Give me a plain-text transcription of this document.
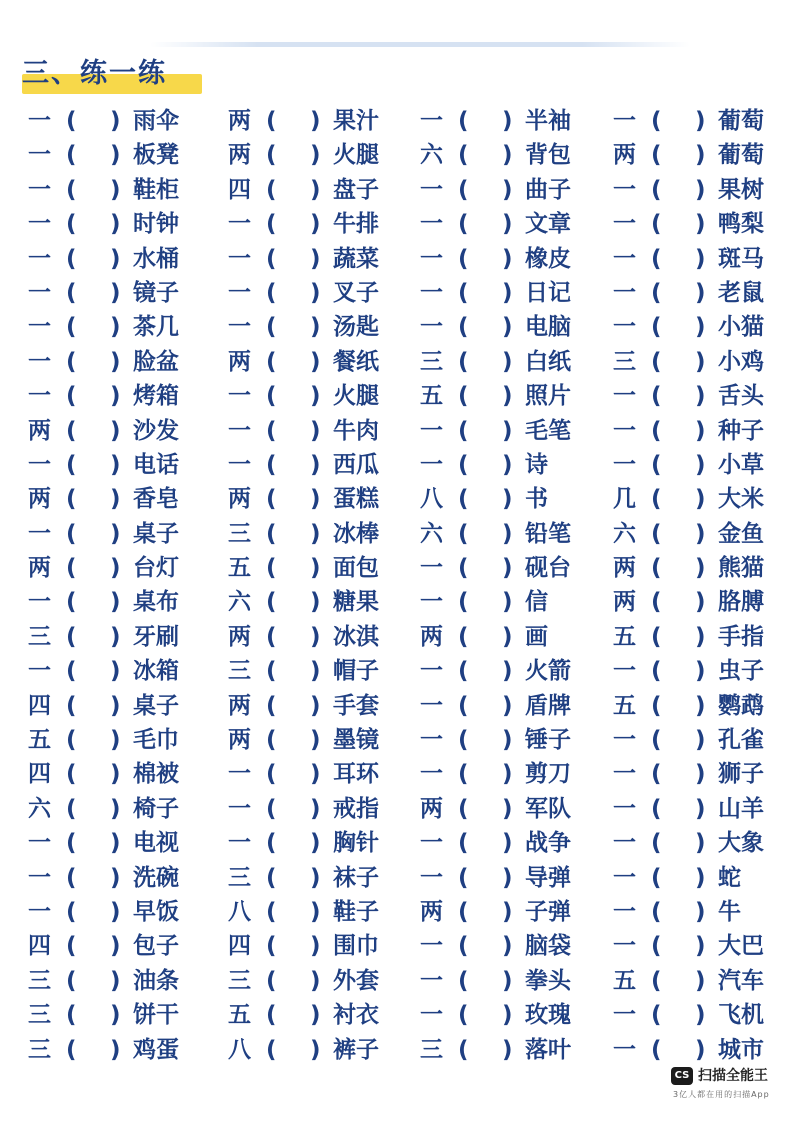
三、练一练
一 ( ) 雨伞 两 ( ) 果汁 一 ( ) 半袖 一 ( ) 葡萄
一 ( ) 板凳 两 ( ) 火腿 六 ( ) 背包 两 ( ) 葡萄
一 ( ) 鞋柜 四 ( ) 盘子 一 ( ) 曲子 一 ( ) 果树
一 ( ) 时钟 一 ( ) 牛排 一 ( ) 文章 一 ( ) 鸭梨
一 ( ) 水桶 一 ( ) 蔬菜 一 ( ) 橡皮 一 ( ) 斑马
一 ( ) 镜子 一 ( ) 叉子 一 ( ) 日记 一 ( ) 老鼠
一 ( ) 茶几 一 ( ) 汤匙 一 ( ) 电脑 一 ( ) 小猫
一 ( ) 脸盆 两 ( ) 餐纸 三 ( ) 白纸 三 ( ) 小鸡
一 ( ) 烤箱 一 ( ) 火腿 五 ( ) 照片 一 ( ) 舌头
两 ( ) 沙发 一 ( ) 牛肉 一 ( ) 毛笔 一 ( ) 种子
一 ( ) 电话 一 ( ) 西瓜 一 ( ) 诗	一 ( ) 小草
两 ( ) 香皂 两 ( ) 蛋糕 八 ( ) 书	几 ( ) 大米
一 ( ) 桌子 三 ( ) 冰棒 六 ( ) 铅笔 六 ( ) 金鱼
两 ( ) 台灯 五 ( ) 面包 一 ( ) 砚台 两 ( ) 熊猫
一 ( ) 桌布 六 ( ) 糖果 一 ( ) 信	两 ( ) 胳膊
三 ( ) 牙刷 两 ( ) 冰淇 两 ( ) 画	五 ( ) 手指
一 ( ) 冰箱 三 ( ) 帽子 一 ( ) 火箭 一 ( ) 虫子
四 ( ) 桌子 两 ( ) 手套 一 ( ) 盾牌 五 ( ) 鹦鹉
五 ( ) 毛巾 两 ( ) 墨镜 一 ( ) 锤子 一 ( ) 孔雀
四 ( ) 棉被 一 ( ) 耳环 一 ( ) 剪刀 一 ( ) 狮子
六 ( ) 椅子 一 ( ) 戒指 两 ( ) 军队 一 ( ) 山羊
一 ( ) 电视 一 ( ) 胸针 一 ( ) 战争 一 ( ) 大象
一 ( ) 洗碗 三 ( ) 袜子 一 ( ) 导弹 一 ( ) 蛇
一 ( ) 早饭 八 ( ) 鞋子 两 ( ) 子弹 一 ( ) 牛
四 ( ) 包子 四 ( ) 围巾 一 ( ) 脑袋 一 ( ) 大巴
三 ( ) 油条 三 ( ) 外套 一 ( ) 拳头 五 ( ) 汽车
三 ( ) 饼干 五 ( ) 衬衣 一 ( ) 玫瑰 一 ( ) 飞机
三 ( ) 鸡蛋 八 ( ) 裤子 三 ( ) 落叶 一 ( ) 城市
CS 扫描全能王
3亿人都在用的扫描App
